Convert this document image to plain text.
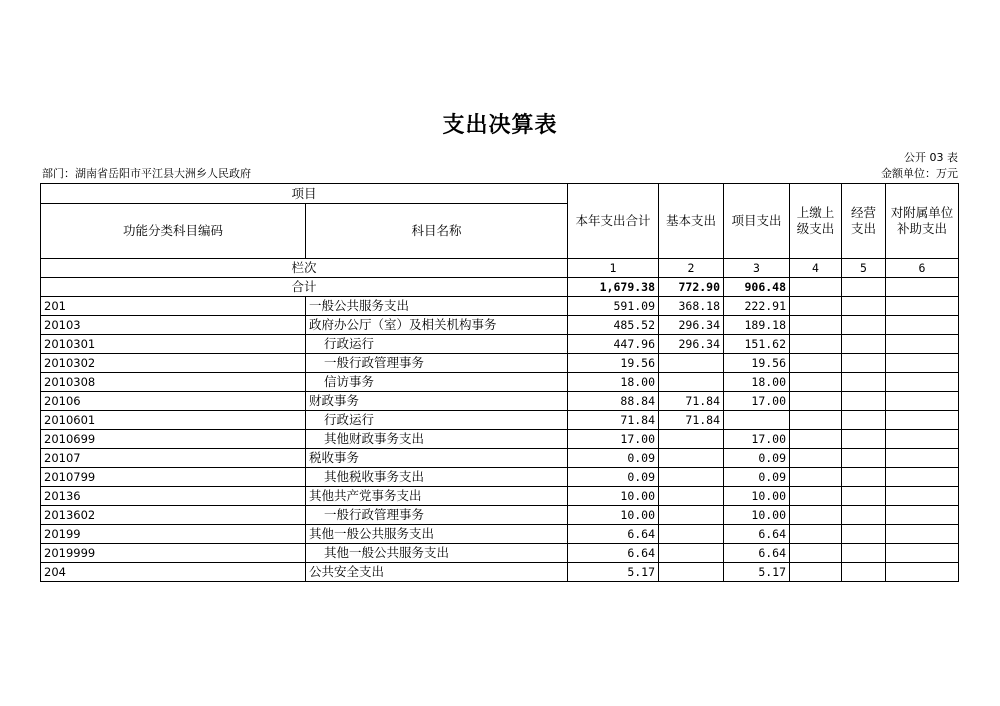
支出决算表
公开 03 表
部门：湖南省岳阳市平江县大洲乡人民政府	金额单位：万元
项目		本年支出合计	基本支出	项目支出	上缴上级支出	经营支出	对附属单位补助支出
功能分类科目编码	科目名称						
栏次		1	2	3	4	5	6
合计		1,679.38	772.90	906.48			
201	一般公共服务支出	591.09	368.18	222.91			
20103	政府办公厅（室）及相关机构事务	485.52	296.34	189.18			
2010301	行政运行	447.96	296.34	151.62			
2010302	一般行政管理事务	19.56		19.56			
2010308	信访事务	18.00		18.00			
20106	财政事务	88.84	71.84	17.00			
2010601	行政运行	71.84	71.84				
2010699	其他财政事务支出	17.00		17.00			
20107	税收事务	0.09		0.09			
2010799	其他税收事务支出	0.09		0.09			
20136	其他共产党事务支出	10.00		10.00			
2013602	一般行政管理事务	10.00		10.00			
20199	其他一般公共服务支出	6.64		6.64			
2019999	其他一般公共服务支出	6.64		6.64			
204	公共安全支出	5.17		5.17			
